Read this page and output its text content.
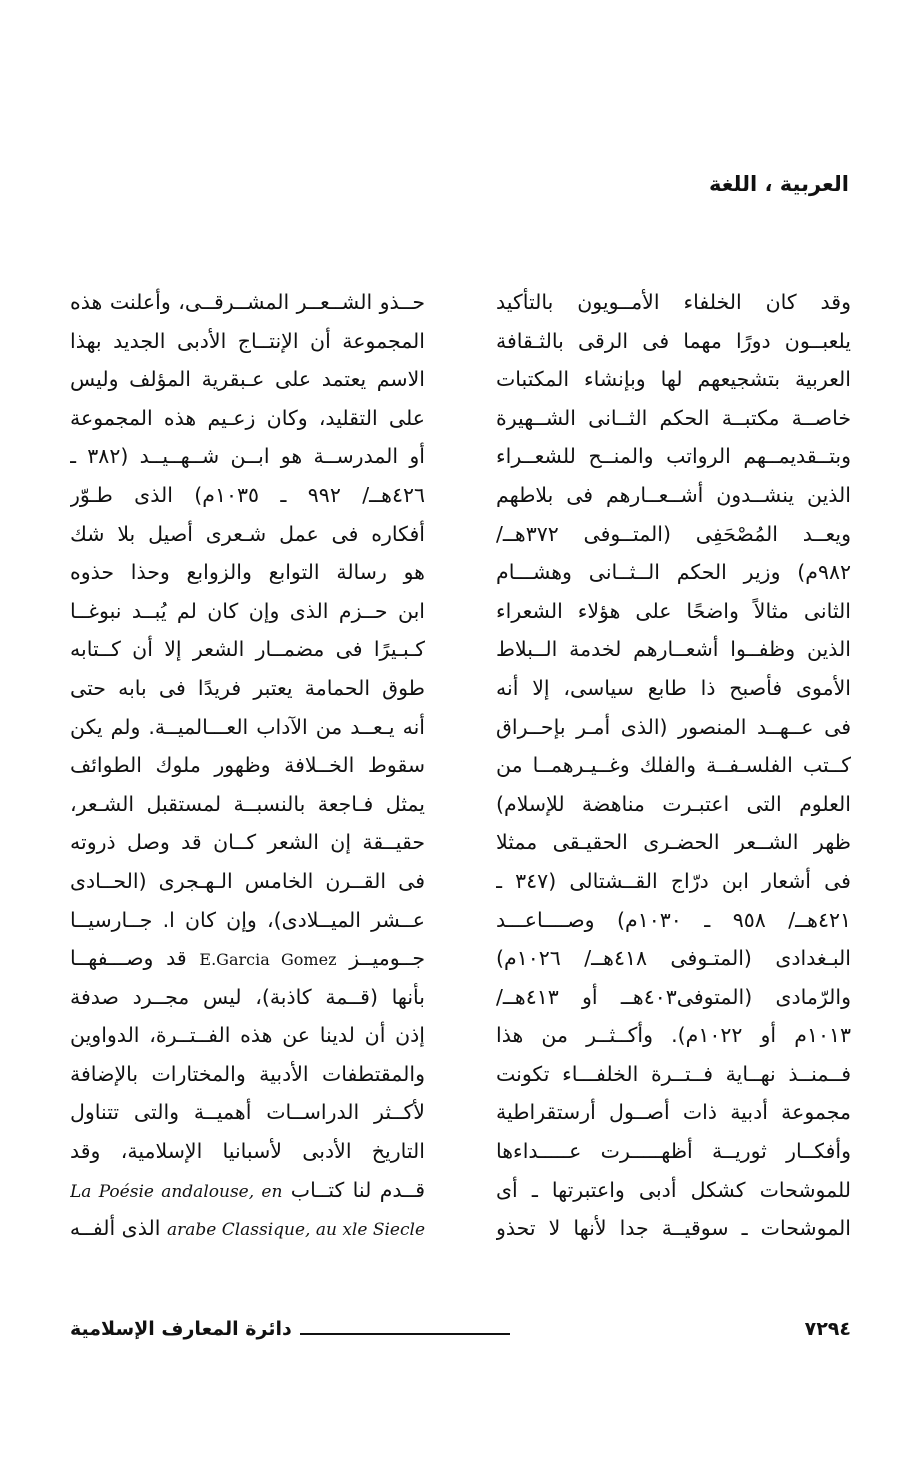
العربية ، اللغة
وقد كان الخلفاء الأمــويون بالتأكيد
يلعبــون دورًا مهما فى الرقى بالثـقافة
العربية بتشجيعهم لها وبإنشاء المكتبات
خاصــة مكتبــة الحكم الثــانى الشــهيرة
وبتــقديمــهم الرواتب والمنــح للشعــراء
الذين ينشــدون أشــعــارهم فى بلاطهم
ويعــد المُصْحَفِى (المتــوفى ٣٧٢هــ/
٩٨٢م) وزير الحكم الــثــانى وهشـــام
الثانى مثالاً واضحًا على هؤلاء الشعراء
الذين وظفــوا أشعــارهم لخدمة الــبلاط
الأموى فأصبح ذا طابع سياسى، إلا أنه
فى عــهــد المنصور (الذى أمـر بإحــراق
كــتب الفلسـفــة والفلك وغــيـرهمــا من
العلوم التى اعتبـرت مناهضة للإسلام)
ظهر الشــعر الحضـرى الحقيـقى ممثلا
فى أشعار ابن درّاج القــشتالى (٣٤٧ ـ
٤٢١هــ/ ٩٥٨ ـ ١٠٣٠م) وصــــاعـــد
البـغدادى (المتـوفى ٤١٨هــ/ ١٠٢٦م)
والرّمادى (المتوفى٤٠٣هــ أو ٤١٣هــ/
١٠١٣م أو ١٠٢٢م). وأكــثــر من هذا
فــمنــذ نهــاية فــتــرة الخلفـــاء تكونت
مجموعة أدبية ذات أصــول أرستقراطية
وأفكــار ثوريــة أظهـــــرت عـــــداءها
للموشحات كشكل أدبى واعتبرتها ـ أى
الموشحات ـ سوقيــة جدا لأنها لا تحذو
حــذو الشــعــر المشــرقــى، وأعلنت هذه
المجموعة أن الإنتــاج الأدبى الجديد بهذا
الاسم يعتمد على عـبقرية المؤلف وليس
على التقليد، وكان زعـيم هذه المجموعة
أو المدرســة هو ابــن شــهــيــد (٣٨٢ ـ
٤٢٦هــ/ ٩٩٢ ـ ١٠٣٥م) الذى طـوّر
أفكاره فى عمل شـعرى أصيل بلا شك
هو رسالة التوابع والزوابع وحذا حذوه
ابن حــزم الذى وإن كان لم يُبــد نبوغــا
كـبـيرًا فى مضمــار الشعر إلا أن كــتابه
طوق الحمامة يعتبر فريدًا فى بابه حتى
أنه يـعــد من الآداب العـــالميــة. ولم يكن
سقوط الخــلافة وظهور ملوك الطوائف
يمثل فـاجعة بالنسبــة لمستقبل الشـعر،
حقيــقة إن الشعر كــان قد وصل ذروته
فى القــرن الخامس الـهـجرى (الحــادى
عــشر الميــلادى)، وإن كان ا. جــارسيــا
جــوميــز E.Garcia Gomez قد وصـــفهــا
بأنها (قــمة كاذبة)، ليس مجــرد صدفة
إذن أن لدينا عن هذه الفــتــرة، الدواوين
والمقتطفات الأدبية والمختارات بالإضافة
لأكــثر الدراســات أهميــة والتى تتناول
التاريخ الأدبى لأسبانيا الإسلامية، وقد
قــدم لنا كتــاب La Poésie andalouse, en
arabe Classique, au xle Siecle الذى ألفــه
دائرة المعارف الإسلامية	٧٢٩٤
